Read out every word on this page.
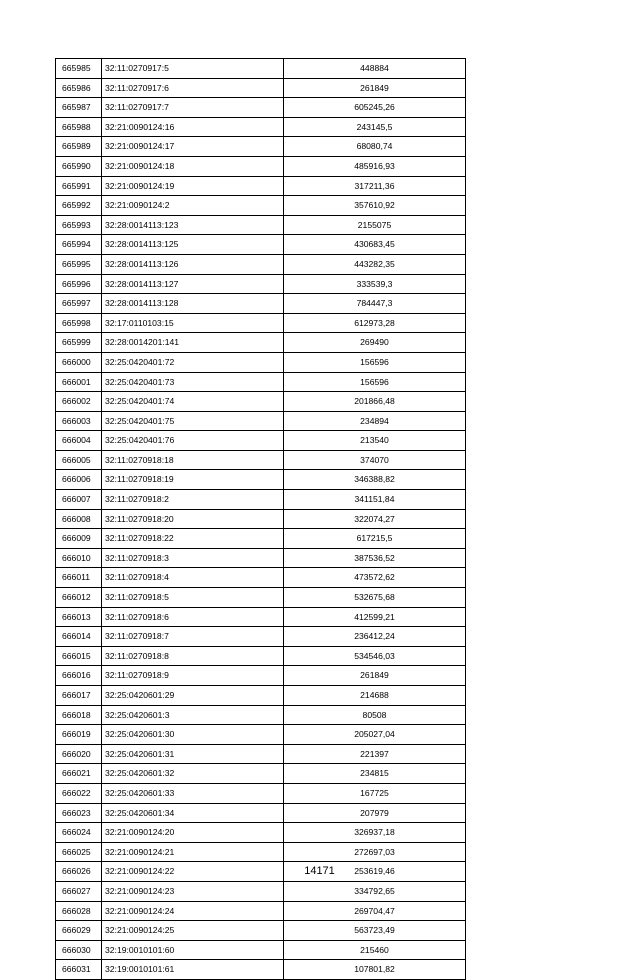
665985	32:11:0270917:5	448884
665986	32:11:0270917:6	261849
665987	32:11:0270917:7	605245,26
665988	32:21:0090124:16	243145,5
665989	32:21:0090124:17	68080,74
665990	32:21:0090124:18	485916,93
665991	32:21:0090124:19	317211,36
665992	32:21:0090124:2	357610,92
665993	32:28:0014113:123	2155075
665994	32:28:0014113:125	430683,45
665995	32:28:0014113:126	443282,35
665996	32:28:0014113:127	333539,3
665997	32:28:0014113:128	784447,3
665998	32:17:0110103:15	612973,28
665999	32:28:0014201:141	269490
666000	32:25:0420401:72	156596
666001	32:25:0420401:73	156596
666002	32:25:0420401:74	201866,48
666003	32:25:0420401:75	234894
666004	32:25:0420401:76	213540
666005	32:11:0270918:18	374070
666006	32:11:0270918:19	346388,82
666007	32:11:0270918:2	341151,84
666008	32:11:0270918:20	322074,27
666009	32:11:0270918:22	617215,5
666010	32:11:0270918:3	387536,52
666011	32:11:0270918:4	473572,62
666012	32:11:0270918:5	532675,68
666013	32:11:0270918:6	412599,21
666014	32:11:0270918:7	236412,24
666015	32:11:0270918:8	534546,03
666016	32:11:0270918:9	261849
666017	32:25:0420601:29	214688
666018	32:25:0420601:3	80508
666019	32:25:0420601:30	205027,04
666020	32:25:0420601:31	221397
666021	32:25:0420601:32	234815
666022	32:25:0420601:33	167725
666023	32:25:0420601:34	207979
666024	32:21:0090124:20	326937,18
666025	32:21:0090124:21	272697,03
666026	32:21:0090124:22	253619,46
666027	32:21:0090124:23	334792,65
666028	32:21:0090124:24	269704,47
666029	32:21:0090124:25	563723,49
666030	32:19:0010101:60	215460
666031	32:19:0010101:61	107801,82
14171
